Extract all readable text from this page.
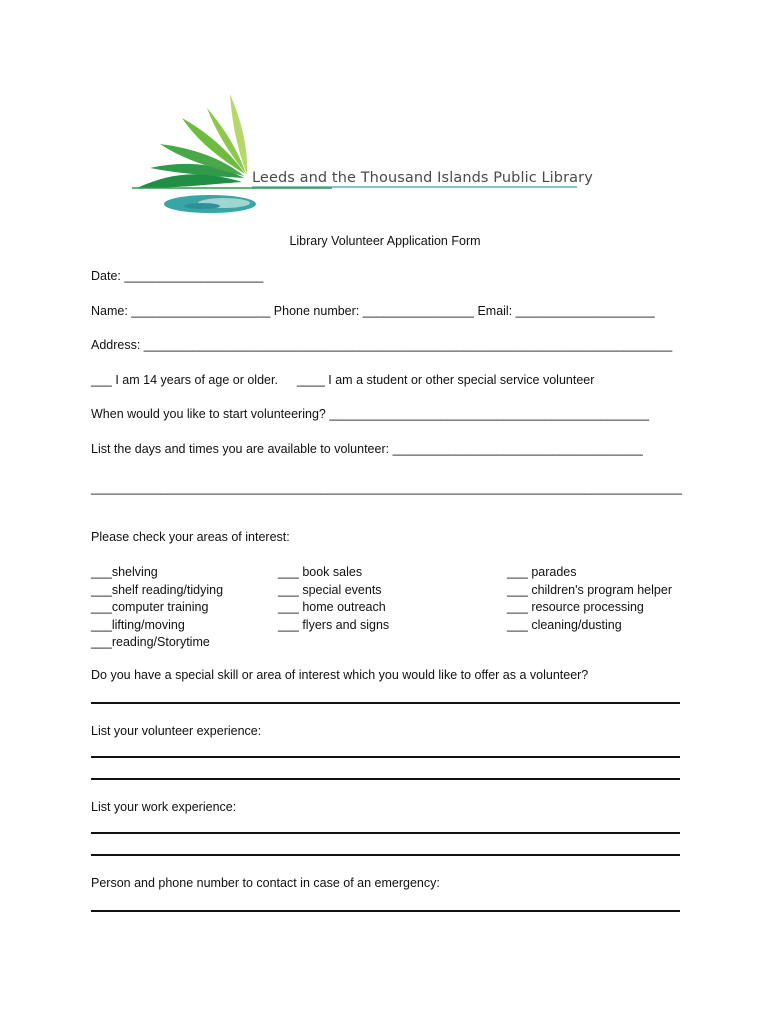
Leeds and the Thousand Islands Public Library
Library Volunteer Application Form
Date: ____________________
Name: ____________________ Phone number: ________________ Email: ____________________
Address: ____________________________________________________________________________
___ I am 14 years of age or older. ____ I am a student or other special service volunteer
When would you like to start volunteering? ______________________________________________
List the days and times you are available to volunteer: ____________________________________
_____________________________________________________________________________________
Please check your areas of interest:
___shelving
___shelf reading/tidying
___computer training
___lifting/moving
___reading/Storytime
___ book sales
___ special events
___ home outreach
___ flyers and signs
___ parades
___ children's program helper
___ resource processing
___ cleaning/dusting
Do you have a special skill or area of interest which you would like to offer as a volunteer?
List your volunteer experience:
List your work experience:
Person and phone number to contact in case of an emergency:
